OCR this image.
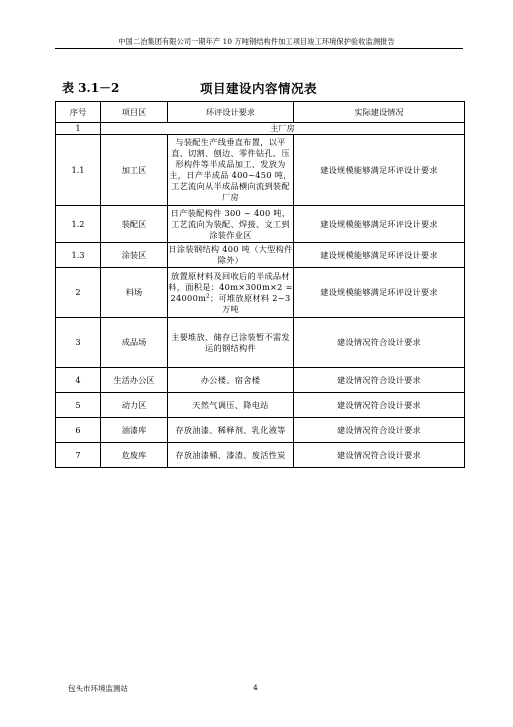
中国二冶集团有限公司一期年产 10 万吨钢结构件加工项目竣工环境保护验收监测报告
表 3.1－2	项目建设内容情况表
序号	项目区	环评设计要求	实际建设情况
1	主厂房		
1.1	加工区	与装配生产线垂直布置，以平直、切割、刨边、零件钻孔、压形构件等半成品加工、发放为主，日产半成品 400~450 吨，工艺流向从半成品横向流到装配厂房	建设规模能够满足环评设计要求
1.2	装配区	日产装配构件 300 ~ 400 吨，工艺流向为装配、焊接、文工到涂装作业区	建设规模能够满足环评设计要求
1.3	涂装区	日涂装钢结构 400 吨（大型构件除外）	建设规模能够满足环评设计要求
2	料场	放置原材料及回收后的半成品材料，面积是：$40m\times 300m\times 2 = 24000m^2$；可堆放原材料 2~3 万吨	建设规模能够满足环评设计要求
3	成品场	主要堆放、储存已涂装暂不需发运的钢结构件	建设情况符合设计要求
4	生活办公区	办公楼、宿舍楼	建设情况符合设计要求
5	动力区	天然气调压、降电站	建设情况符合设计要求
6	油漆库	存放油漆、稀释剂、乳化液等	建设情况符合设计要求
7	危废库	存放油漆桶、漆渣、废活性炭	建设情况符合设计要求
包头市环境监测站	4
